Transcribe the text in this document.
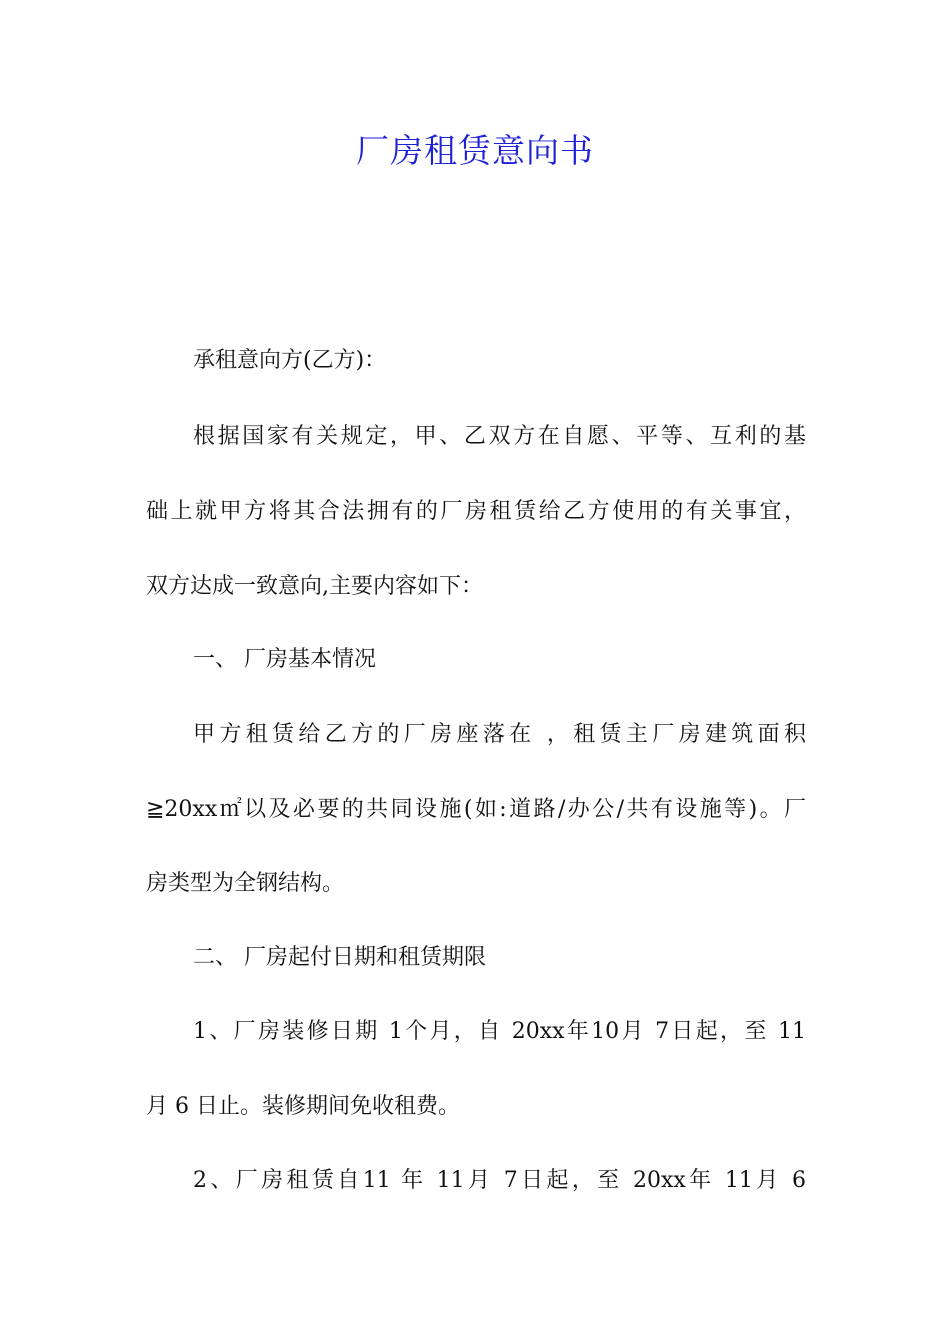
厂房租赁意向书
承租意向方(乙方)：
根据国家有关规定，甲、乙双方在自愿、平等、互利的基
础上就甲方将其合法拥有的厂房租赁给乙方使用的有关事宜，
双方达成一致意向,主要内容如下：
一、 厂房基本情况
甲方租赁给乙方的厂房座落在 ，租赁主厂房建筑面积
≧20xx㎡以及必要的共同设施(如:道路/办公/共有设施等)。厂
房类型为全钢结构。
二、 厂房起付日期和租赁期限
1、厂房装修日期 1个月，自 20xx年10月 7日起，至 11
月 6 日止。装修期间免收租费。
2、厂房租赁自11 年 11月 7日起，至 20xx年 11月 6
